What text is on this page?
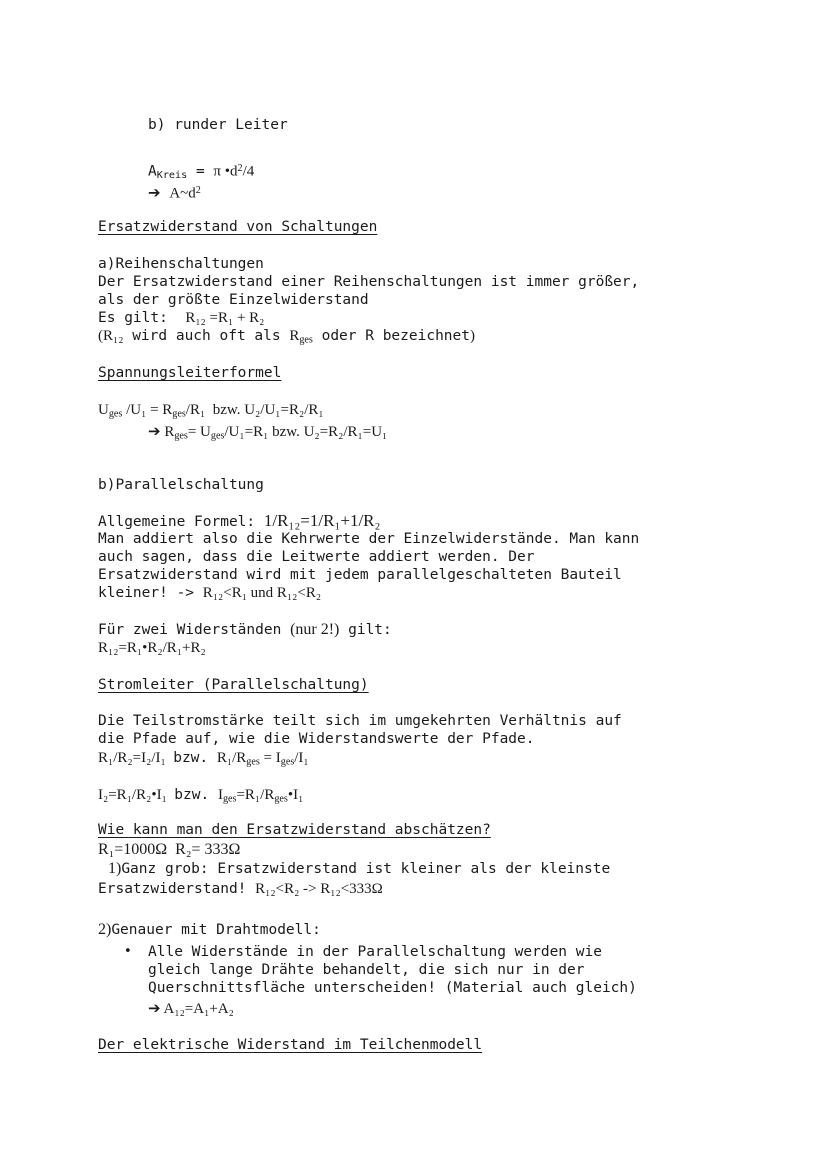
b) runder Leiter
AKreis = π $•d^2/4$
➔ $A\sim d^2$
Ersatzwiderstand von Schaltungen
a)Reihenschaltungen
Der Ersatzwiderstand einer Reihenschaltungen ist immer größer,
als der größte Einzelwiderstand
Es gilt:  R₁₂ =R₁ + R₂
(R₁₂ wird auch oft als Rges oder R bezeichnet)
Spannungsleiterformel
Uges /U₁ = Rges/R₁  bzw. U₂/U₁=R₂/R₁
➔ Rges= Uges/U₁=R₁ bzw. U₂=R₂/R₁=U₁
b)Parallelschaltung
Allgemeine Formel: 1/R₁₂=1/R₁+1/R₂
Man addiert also die Kehrwerte der Einzelwiderstände. Man kann
auch sagen, dass die Leitwerte addiert werden. Der
Ersatzwiderstand wird mit jedem parallelgeschalteten Bauteil
kleiner! -> R₁₂<R₁ und R₁₂<R₂
Für zwei Widerständen (nur 2!) gilt:
R₁₂=R₁•R₂/R₁+R₂
Stromleiter (Parallelschaltung)
Die Teilstromstärke teilt sich im umgekehrten Verhältnis auf
die Pfade auf, wie die Widerstandswerte der Pfade.
R₁/R₂=I₂/I₁  bzw. R₁/Rges = Iges/I₁
I₂=R₁/R₂•I₁  bzw. Iges=R₁/Rges•I₁
Wie kann man den Ersatzwiderstand abschätzen?
R₁=1000Ω  R₂= 333Ω
1)Ganz grob: Ersatzwiderstand ist kleiner als der kleinste
Ersatzwiderstand! R₁₂<R₂ -> R₁₂<333Ω
2)Genauer mit Drahtmodell:
• Alle Widerstände in der Parallelschaltung werden wie
gleich lange Drähte behandelt, die sich nur in der
Querschnittsfläche unterscheiden! (Material auch gleich)
➔ A₁₂=A₁+A₂
Der elektrische Widerstand im Teilchenmodell
